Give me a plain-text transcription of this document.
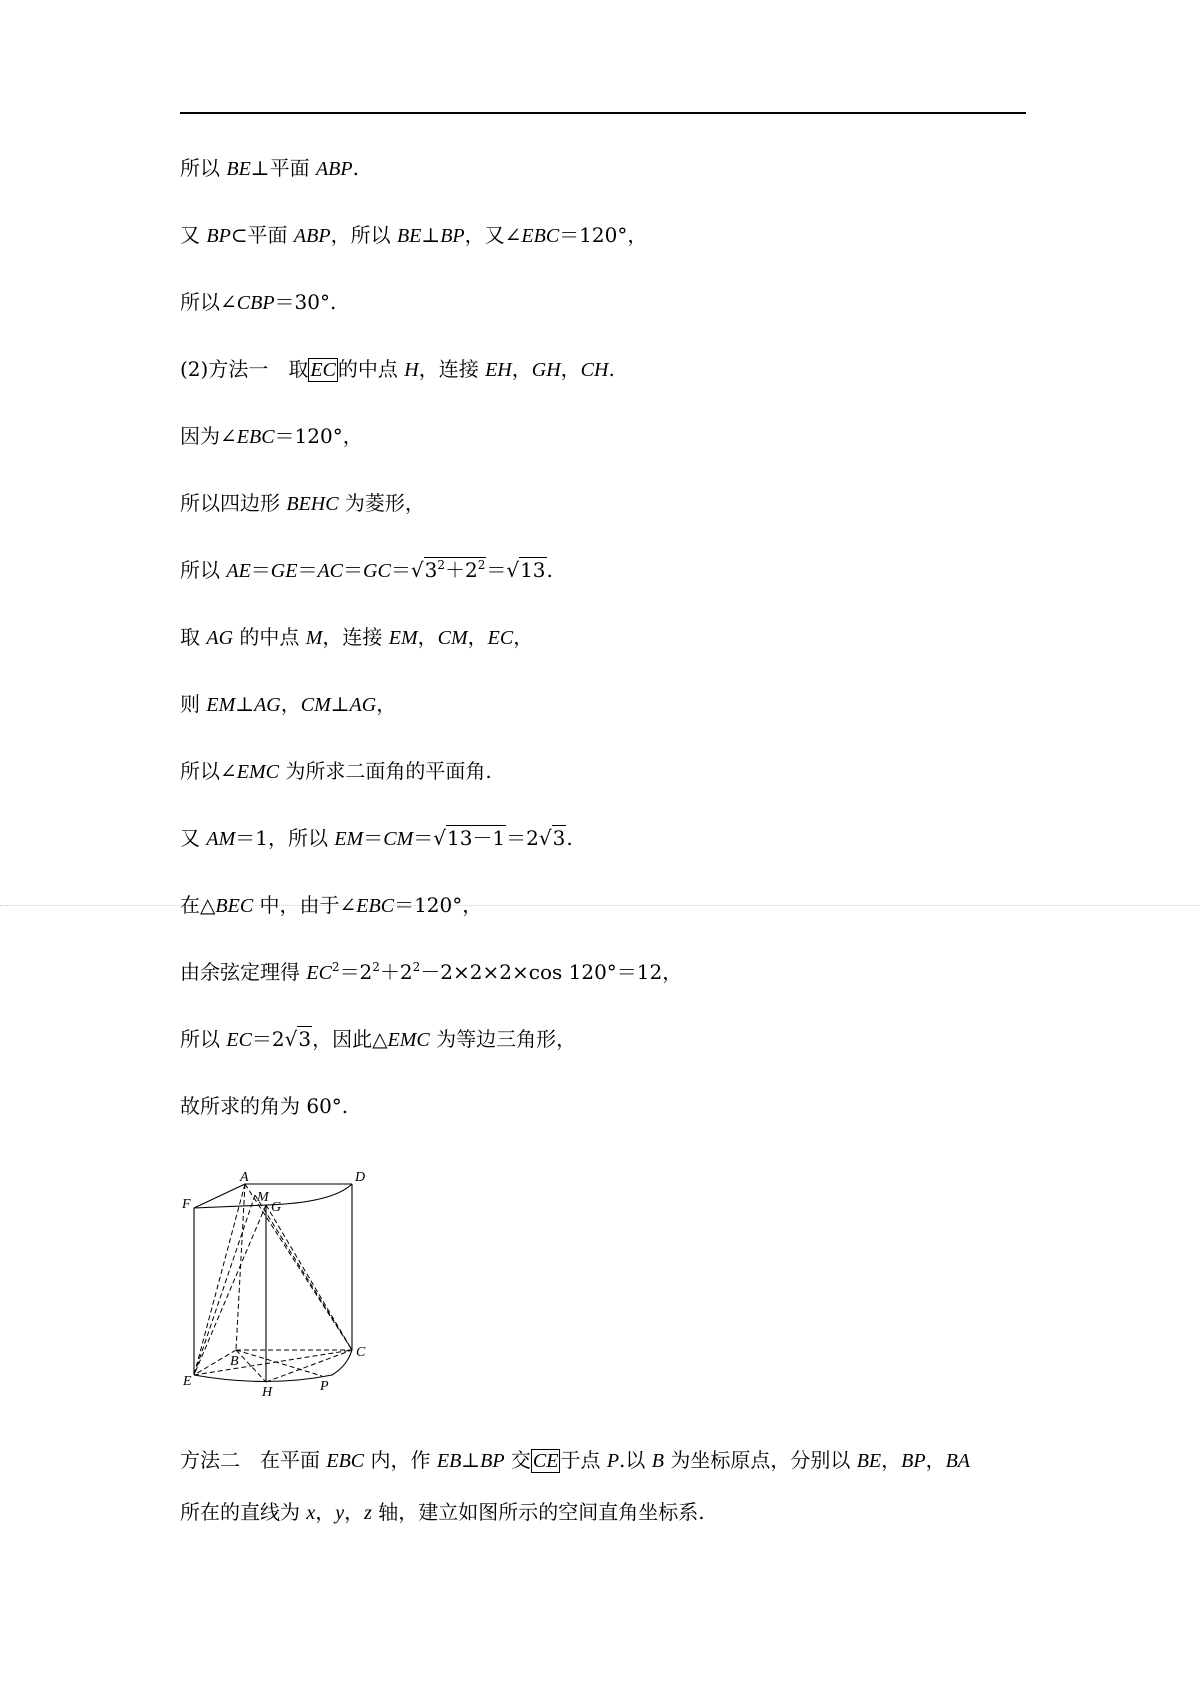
所以 BE⊥平面 ABP.
又 BP⊂平面 ABP，所以 BE⊥BP，又∠EBC＝120°，
所以∠CBP＝30°.
(2)方法一　取 EC 的中点 H，连接 EH，GH，CH.
因为∠EBC＝120°，
所以四边形 BEHC 为菱形，
所以 $AE=GE=AC=GC=√3^2+2^2=√13$.
取 AG 的中点 M，连接 EM，CM，EC，
则 EM⊥AG，CM⊥AG，
所以∠EMC 为所求二面角的平面角.
又 AM＝1，所以 EM＝CM＝√13－1＝2√3.
在△BEC 中，由于∠EBC＝120°，
由余弦定理得 $EC^2=2^2+2^2-2\times 2\times 2\times\cos$ 120°＝12，
所以 EC＝2√3，因此△EMC 为等边三角形，
故所求的角为 60°.
A
M
G
D
F
B
C
E
H	P
方法二　在平面 EBC 内，作 EB⊥BP 交 CE 于点 P.以 B 为坐标原点，分别以 BE，BP，BA
所在的直线为 x，y，z 轴，建立如图所示的空间直角坐标系.
